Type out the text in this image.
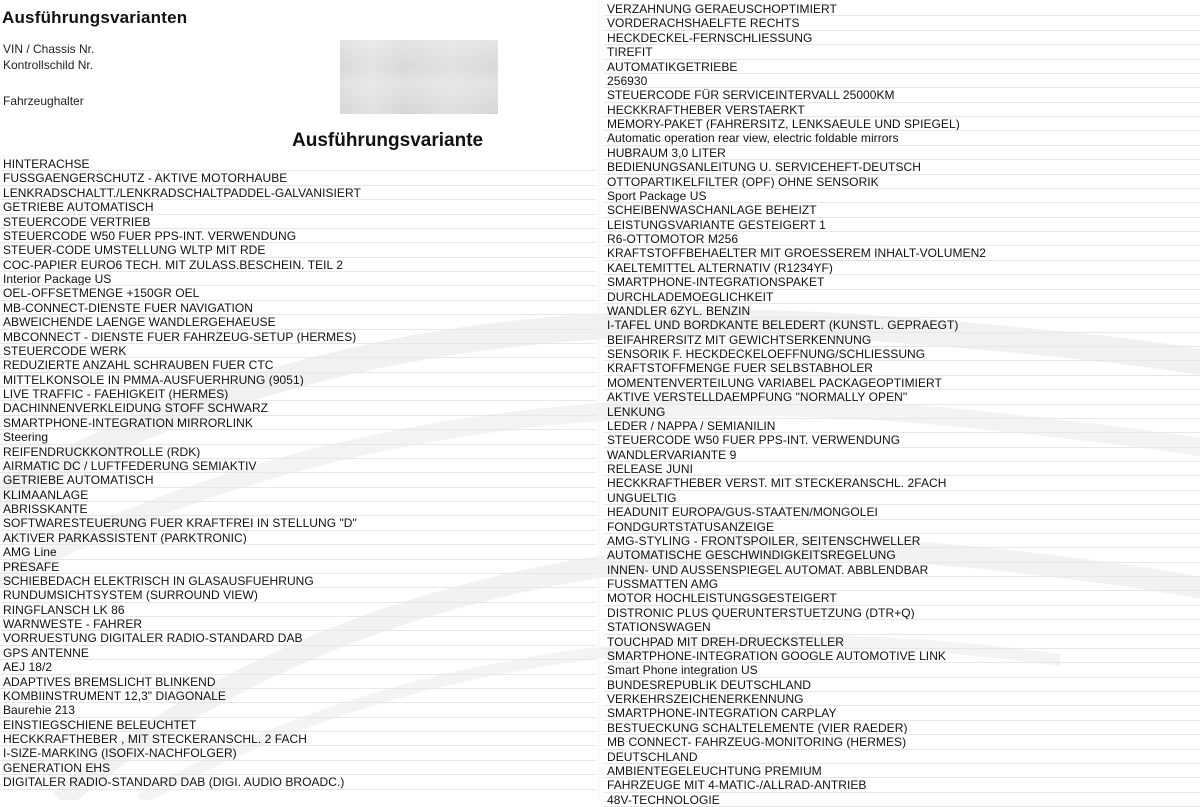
Ausführungsvarianten
VIN / Chassis Nr.
Kontrollschild Nr.
Fahrzeughalter
Ausführungsvariante
HINTERACHSE
FUSSGAENGERSCHUTZ - AKTIVE MOTORHAUBE
LENKRADSCHALTT./LENKRADSCHALTPADDEL-GALVANISIERT
GETRIEBE AUTOMATISCH
STEUERCODE VERTRIEB
STEUERCODE W50 FUER PPS-INT. VERWENDUNG
STEUER-CODE UMSTELLUNG WLTP MIT RDE
COC-PAPIER EURO6 TECH. MIT ZULASS.BESCHEIN. TEIL 2
Interior Package US
OEL-OFFSETMENGE +150GR OEL
MB-CONNECT-DIENSTE FUER NAVIGATION
ABWEICHENDE LAENGE WANDLERGEHAEUSE
MBCONNECT - DIENSTE FUER FAHRZEUG-SETUP (HERMES)
STEUERCODE WERK
REDUZIERTE ANZAHL SCHRAUBEN FUER CTC
MITTELKONSOLE IN PMMA-AUSFUERHRUNG (9051)
LIVE TRAFFIC - FAEHIGKEIT (HERMES)
DACHINNENVERKLEIDUNG STOFF SCHWARZ
SMARTPHONE-INTEGRATION MIRRORLINK
Steering
REIFENDRUCKKONTROLLE (RDK)
AIRMATIC DC / LUFTFEDERUNG SEMIAKTIV
GETRIEBE AUTOMATISCH
KLIMAANLAGE
ABRISSKANTE
SOFTWARESTEUERUNG FUER KRAFTFREI IN STELLUNG "D"
AKTIVER PARKASSISTENT (PARKTRONIC)
AMG Line
PRESAFE
SCHIEBEDACH ELEKTRISCH IN GLASAUSFUEHRUNG
RUNDUMSICHTSYSTEM (SURROUND VIEW)
RINGFLANSCH LK 86
WARNWESTE - FAHRER
VORRUESTUNG DIGITALER RADIO-STANDARD DAB
GPS ANTENNE
AEJ 18/2
ADAPTIVES BREMSLICHT BLINKEND
KOMBIINSTRUMENT 12,3" DIAGONALE
Baurehie 213
EINSTIEGSCHIENE BELEUCHTET
HECKKRAFTHEBER , MIT STECKERANSCHL. 2 FACH
I-SIZE-MARKING (ISOFIX-NACHFOLGER)
GENERATION EHS
DIGITALER RADIO-STANDARD DAB (DIGI. AUDIO BROADC.)
VERZAHNUNG GERAEUSCHOPTIMIERT
VORDERACHSHAELFTE RECHTS
HECKDECKEL-FERNSCHLIESSUNG
TIREFIT
AUTOMATIKGETRIEBE
256930
STEUERCODE FÜR SERVICEINTERVALL 25000KM
HECKKRAFTHEBER VERSTAERKT
MEMORY-PAKET (FAHRERSITZ, LENKSAEULE UND SPIEGEL)
Automatic operation rear view, electric foldable mirrors
HUBRAUM 3,0 LITER
BEDIENUNGSANLEITUNG U. SERVICEHEFT-DEUTSCH
OTTOPARTIKELFILTER (OPF) OHNE SENSORIK
Sport Package US
SCHEIBENWASCHANLAGE BEHEIZT
LEISTUNGSVARIANTE GESTEIGERT 1
R6-OTTOMOTOR M256
KRAFTSTOFFBEHAELTER MIT GROESSEREM INHALT-VOLUMEN2
KAELTEMITTEL ALTERNATIV (R1234YF)
SMARTPHONE-INTEGRATIONSPAKET
DURCHLADEMOEGLICHKEIT
WANDLER 6ZYL. BENZIN
I-TAFEL UND BORDKANTE BELEDERT (KUNSTL. GEPRAEGT)
BEIFAHRERSITZ MIT GEWICHTSERKENNUNG
SENSORIK F. HECKDECKELOEFFNUNG/SCHLIESSUNG
KRAFTSTOFFMENGE FUER SELBSTABHOLER
MOMENTENVERTEILUNG VARIABEL PACKAGEOPTIMIERT
AKTIVE VERSTELLDAEMPFUNG "NORMALLY OPEN"
LENKUNG
LEDER / NAPPA / SEMIANILIN
STEUERCODE W50 FUER PPS-INT. VERWENDUNG
WANDLERVARIANTE 9
RELEASE JUNI
HECKKRAFTHEBER VERST. MIT STECKERANSCHL. 2FACH
UNGUELTIG
HEADUNIT EUROPA/GUS-STAATEN/MONGOLEI
FONDGURTSTATUSANZEIGE
AMG-STYLING - FRONTSPOILER, SEITENSCHWELLER
AUTOMATISCHE GESCHWINDIGKEITSREGELUNG
INNEN- UND AUSSENSPIEGEL AUTOMAT. ABBLENDBAR
FUSSMATTEN AMG
MOTOR HOCHLEISTUNGSGESTEIGERT
DISTRONIC PLUS QUERUNTERSTUETZUNG (DTR+Q)
STATIONSWAGEN
TOUCHPAD MIT DREH-DRUECKSTELLER
SMARTPHONE-INTEGRATION GOOGLE AUTOMOTIVE LINK
Smart Phone integration US
BUNDESREPUBLIK DEUTSCHLAND
VERKEHRSZEICHENERKENNUNG
SMARTPHONE-INTEGRATION CARPLAY
BESTUECKUNG SCHALTELEMENTE (VIER RAEDER)
MB CONNECT- FAHRZEUG-MONITORING (HERMES)
DEUTSCHLAND
AMBIENTEGELEUCHTUNG PREMIUM
FAHRZEUGE MIT 4-MATIC-/ALLRAD-ANTRIEB
48V-TECHNOLOGIE
